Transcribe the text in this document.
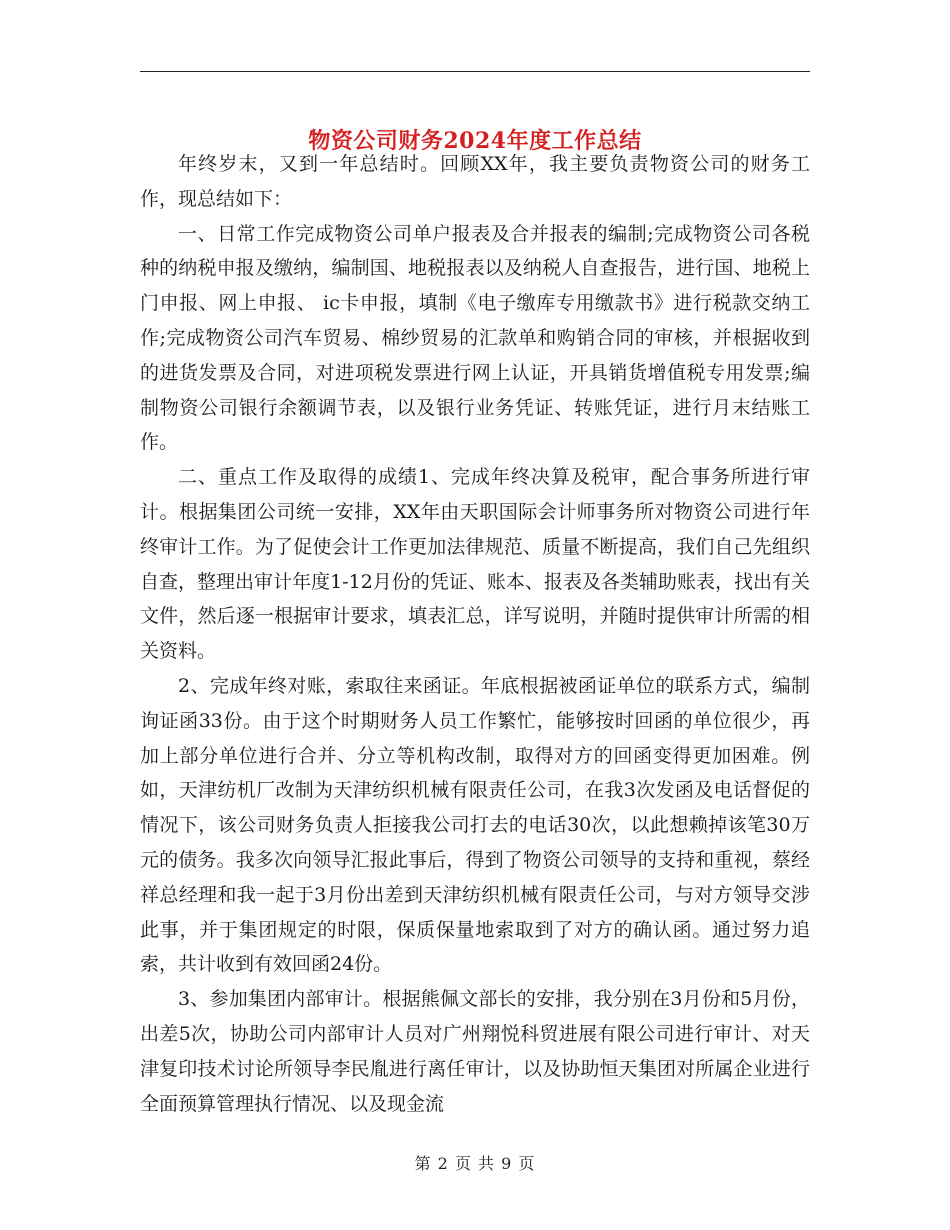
物资公司财务2024年度工作总结

年终岁末，又到一年总结时。回顾XX年，我主要负责物资公司的财务工作，现总结如下：

一、日常工作完成物资公司单户报表及合并报表的编制;完成物资公司各税种的纳税申报及缴纳，编制国、地税报表以及纳税人自查报告，进行国、地税上门申报、网上申报、 ic卡申报，填制《电子缴库专用缴款书》进行税款交纳工作;完成物资公司汽车贸易、棉纱贸易的汇款单和购销合同的审核，并根据收到的进货发票及合同，对进项税发票进行网上认证，开具销货增值税专用发票;编制物资公司银行余额调节表，以及银行业务凭证、转账凭证，进行月末结账工作。

二、重点工作及取得的成绩1、完成年终决算及税审，配合事务所进行审计。根据集团公司统一安排，XX年由天职国际会计师事务所对物资公司进行年终审计工作。为了促使会计工作更加法律规范、质量不断提高，我们自己先组织自查，整理出审计年度1-12月份的凭证、账本、报表及各类辅助账表，找出有关文件，然后逐一根据审计要求，填表汇总，详写说明，并随时提供审计所需的相关资料。

2、完成年终对账，索取往来函证。年底根据被函证单位的联系方式，编制询证函33份。由于这个时期财务人员工作繁忙，能够按时回函的单位很少，再加上部分单位进行合并、分立等机构改制，取得对方的回函变得更加困难。例如，天津纺机厂改制为天津纺织机械有限责任公司，在我3次发函及电话督促的情况下，该公司财务负责人拒接我公司打去的电话30次，以此想赖掉该笔30万元的债务。我多次向领导汇报此事后，得到了物资公司领导的支持和重视，蔡经祥总经理和我一起于3月份出差到天津纺织机械有限责任公司，与对方领导交涉此事，并于集团规定的时限，保质保量地索取到了对方的确认函。通过努力追索，共计收到有效回函24份。

3、参加集团内部审计。根据熊佩文部长的安排，我分别在3月份和5月份，出差5次，协助公司内部审计人员对广州翔悦科贸进展有限公司进行审计、对天津复印技术讨论所领导李民胤进行离任审计，以及协助恒天集团对所属企业进行全面预算管理执行情况、以及现金流

第 2 页 共 9 页
